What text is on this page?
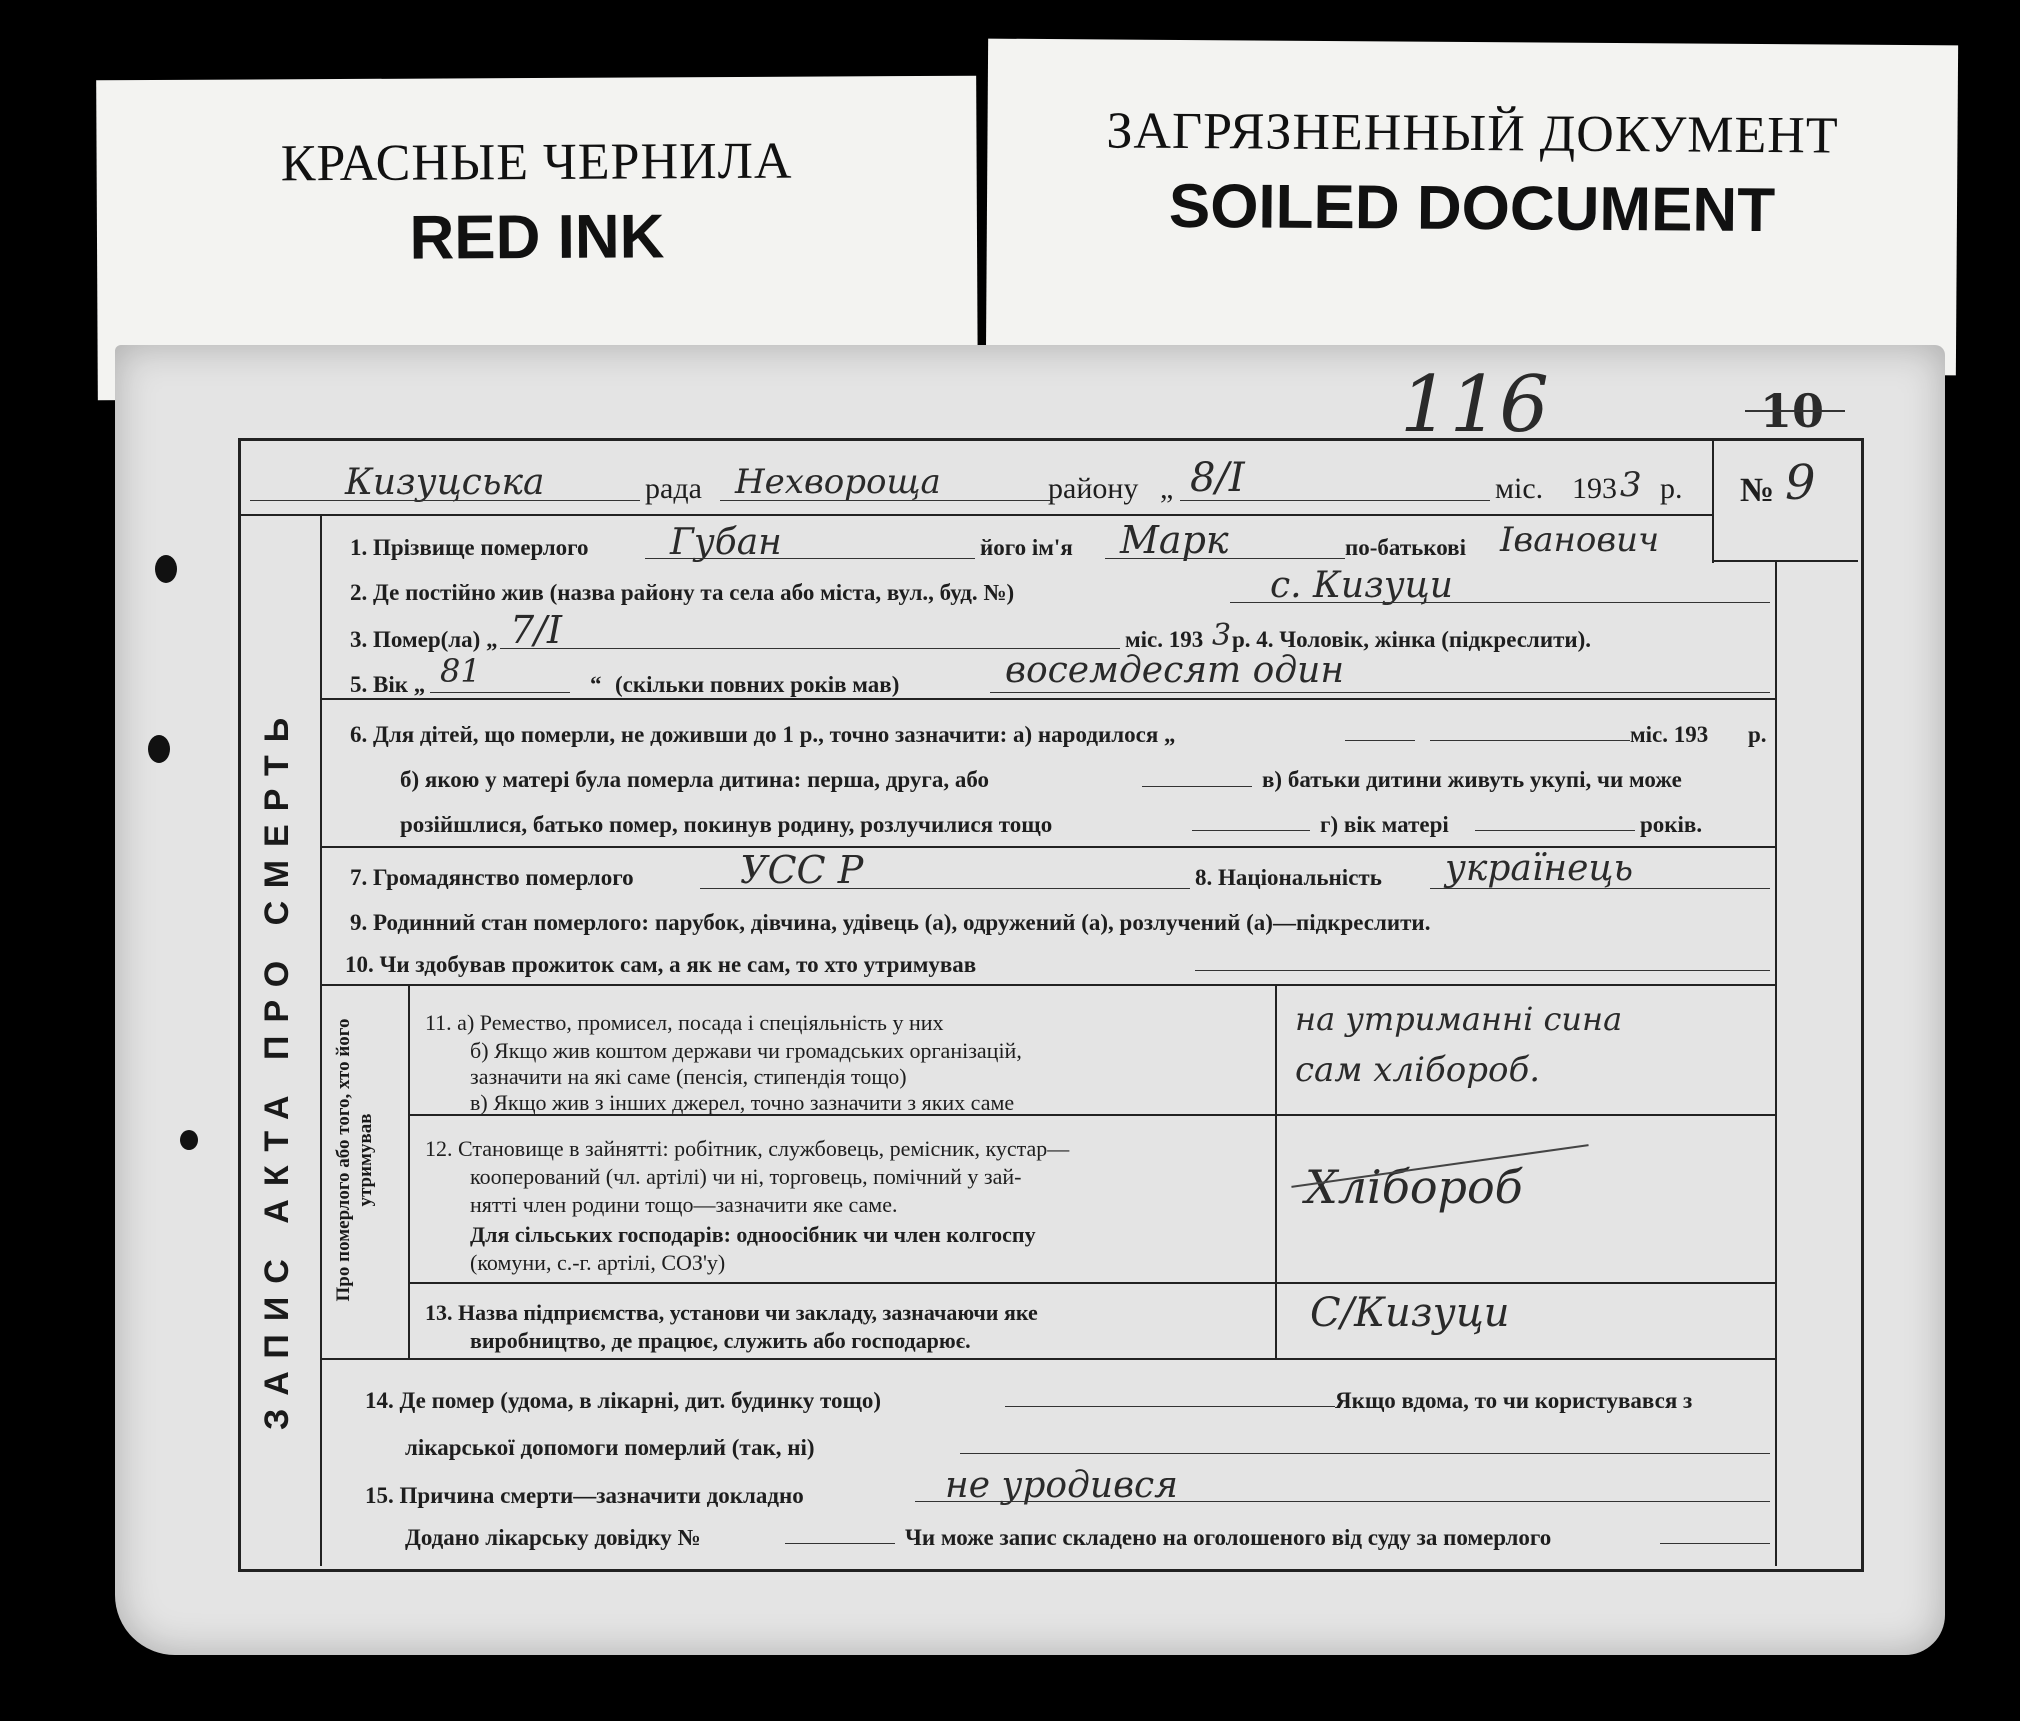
КРАСНЫЕ ЧЕРНИЛА
RED INK
ЗАГРЯЗНЕННЫЙ ДОКУМЕНТ
SOILED DOCUMENT
116	10
ЗАПИС АКТА ПРО СМЕРТЬ Про померлого або того, хто його утримував
Кизуцська	рада Нехвороща	району „ 8/І	міс. 193 3 р. № 9
1. Прізвище померлого Губан	його ім'я Марк	по-батькові Іванович
2. Де постійно жив (назва району та села або міста, вул., буд. №)	с. Кизуци
3. Помер(ла) „ 7/І	міс. 193 3 р. 4. Чоловік, жінка (підкреслити).
5. Вік „ 81	“ (скільки повних років мав)	восемдесят один
6. Для дітей, що померли, не доживши до 1 р., точно зазначити: а) народилося „	міс. 193 р.
б) якою у матері була померла дитина: перша, друга, або	в) батьки дитини живуть укупі, чи може
розійшлися, батько помер, покинув родину, розлучилися тощо	г) вік матері	років.
7. Громадянство померлого	УСС Р	8. Національність українець
9. Родинний стан померлого: парубок, дівчина, удівець (а), одружений (а), розлучений (а)—підкреслити.
10. Чи здобував прожиток сам, а як не сам, то хто утримував
11. а) Ремество, промисел, посада і спеціяльність у них
б) Якщо жив коштом держави чи громадських організацій,
зазначити на які саме (пенсія, стипендія тощо)
в) Якщо жив з інших джерел, точно зазначити з яких саме
на утриманні сина
сам хлібороб.
12. Становище в зайнятті: робітник, службовець, ремісник, кустар—
кооперований (чл. артілі) чи ні, торговець, помічний у зай-
нятті член родини тощо—зазначити яке саме.
Для сільських господарів: одноосібник чи член колгоспу
(комуни, с.-г. артілі, СОЗ'у)
Хлібороб
13. Назва підприємства, установи чи закладу, зазначаючи яке
виробництво, де працює, служить або господарює.
С/Кизуци
14. Де помер (удома, в лікарні, дит. будинку тощо)	Якщо вдома, то чи користувався з
лікарської допомоги померлий (так, ні)
15. Причина смерти—зазначити докладно	не уродився
Додано лікарську довідку №	Чи може запис складено на оголошеного від суду за померлого
